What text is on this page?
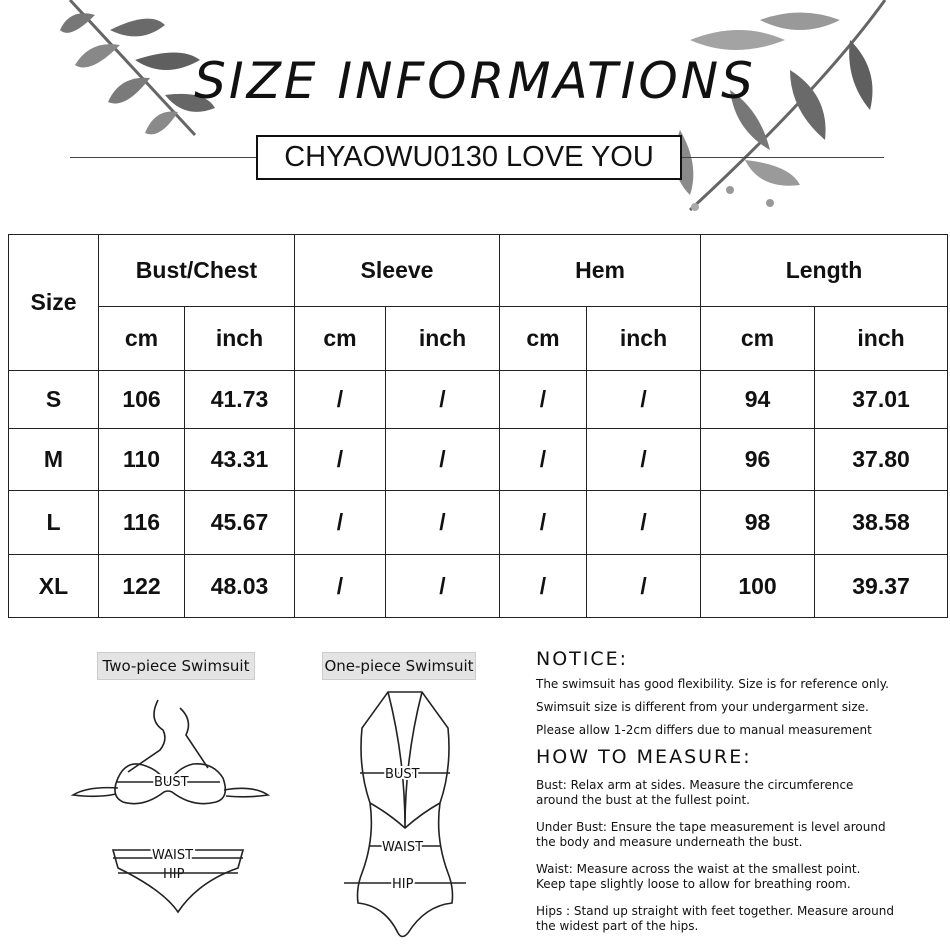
SIZE INFORMATIONS
CHYAOWU0130 LOVE YOU
Size	Bust/Chest		Sleeve		Hem		Length	
	cm	inch	cm	inch	cm	inch	cm	inch
S	106	41.73	/	/	/	/	94	37.01
M	110	43.31	/	/	/	/	96	37.80
L	116	45.67	/	/	/	/	98	38.58
XL	122	48.03	/	/	/	/	100	39.37
Two-piece Swimsuit
BUST
WAIST
HIP
One-piece Swimsuit
BUST
WAIST
HIP
NOTICE:

The swimsuit has good flexibility. Size is for reference only.

Swimsuit size is different from your undergarment size.

Please allow 1-2cm differs due to manual measurement

HOW TO MEASURE:

Bust: Relax arm at sides. Measure the circumference

around the bust at the fullest point.

Under Bust: Ensure the tape measurement is level around

the body and measure underneath the bust.

Waist: Measure across the waist at the smallest point.

Keep tape slightly loose to allow for breathing room.

Hips : Stand up straight with feet together. Measure around

the widest part of the hips.
